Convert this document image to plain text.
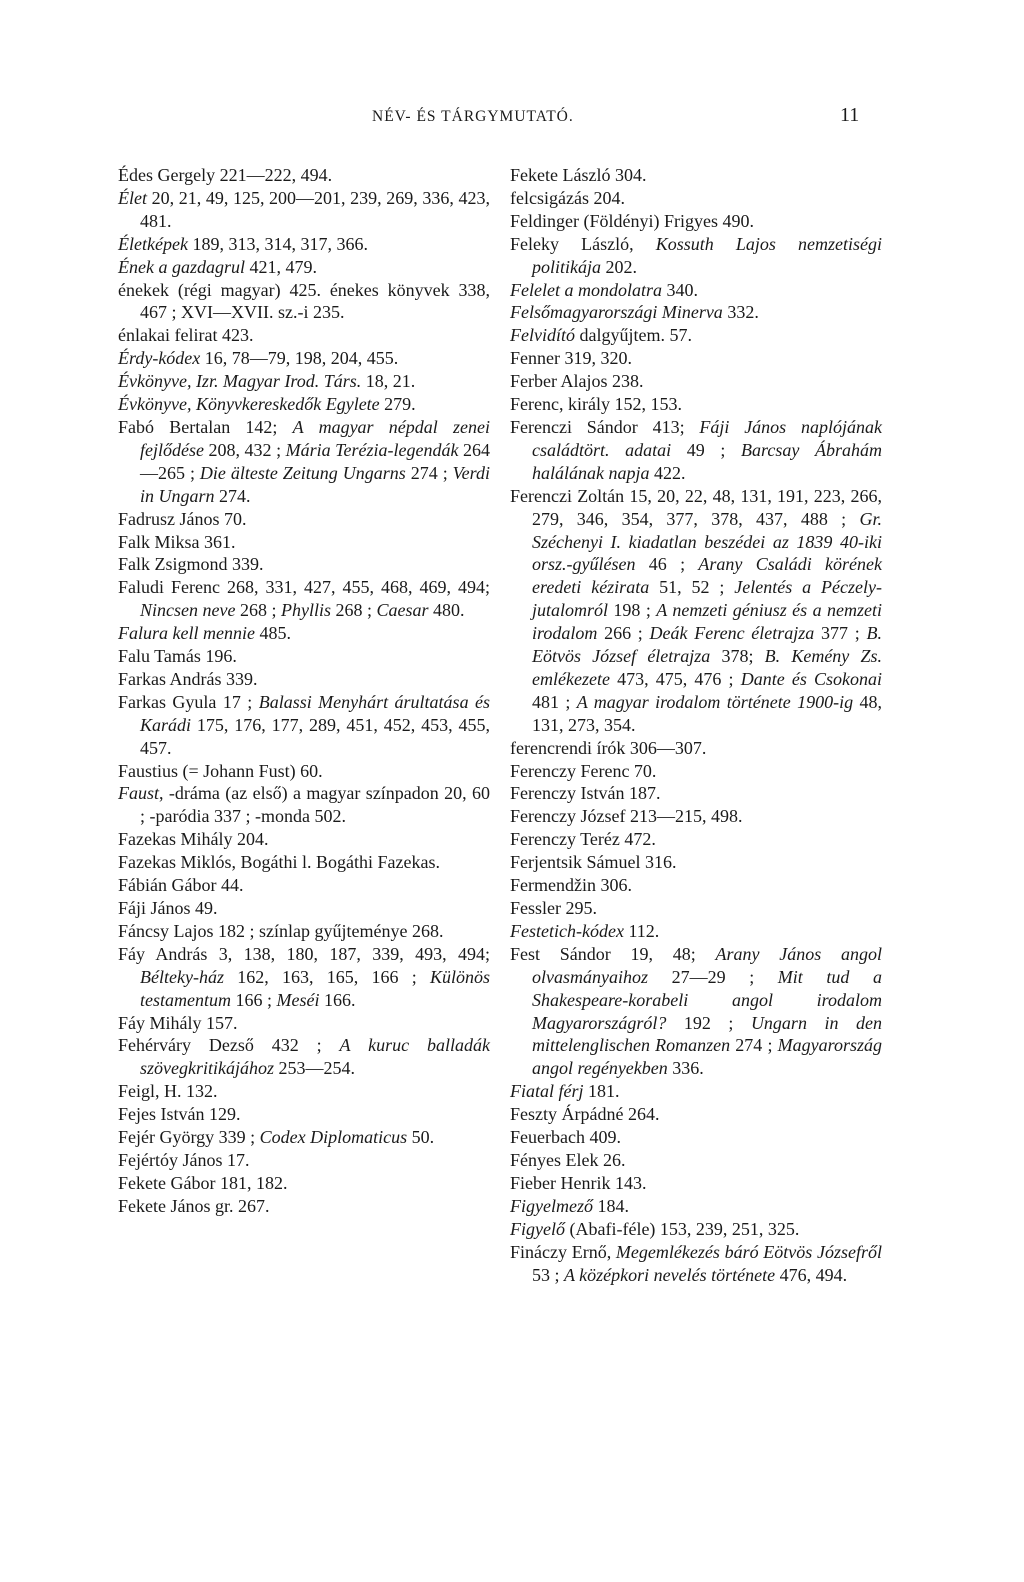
NÉV- ÉS TÁRGYMUTATÓ.	11

Édes Gergely 221—222, 494.

Élet 20, 21, 49, 125, 200—201, 239, 269, 336, 423, 481.

Életképek 189, 313, 314, 317, 366.

Ének a gazdagrul 421, 479.

énekek (régi magyar) 425. énekes könyvek 338, 467 ; XVI—XVII. sz.-i 235.

énlakai felirat 423.

Érdy-kódex 16, 78—79, 198, 204, 455.

Évkönyve, Izr. Magyar Irod. Társ. 18, 21.

Évkönyve, Könyvkereskedők Egylete 279.

Fabó Bertalan 142; A magyar népdal zenei fejlődése 208, 432 ; Mária Terézia-legendák 264—265 ; Die älteste Zeitung Ungarns 274 ; Verdi in Ungarn 274.

Fadrusz János 70.

Falk Miksa 361.

Falk Zsigmond 339.

Faludi Ferenc 268, 331, 427, 455, 468, 469, 494; Nincsen neve 268 ; Phyllis 268 ; Caesar 480.

Falura kell mennie 485.

Falu Tamás 196.

Farkas András 339.

Farkas Gyula 17 ; Balassi Menyhárt árultatása és Karádi 175, 176, 177, 289, 451, 452, 453, 455, 457.

Faustius (= Johann Fust) 60.

Faust, -dráma (az első) a magyar színpadon 20, 60 ; -paródia 337 ; -monda 502.

Fazekas Mihály 204.

Fazekas Miklós, Bogáthi l. Bogáthi Fazekas.

Fábián Gábor 44.

Fáji János 49.

Fáncsy Lajos 182 ; színlap gyűjteménye 268.

Fáy András 3, 138, 180, 187, 339, 493, 494; Bélteky-ház 162, 163, 165, 166 ; Különös testamentum 166 ; Meséi 166.

Fáy Mihály 157.

Fehérváry Dezső 432 ; A kuruc balladák szövegkritikájához 253—254.

Feigl, H. 132.

Fejes István 129.

Fejér György 339 ; Codex Diplomaticus 50.

Fejértóy János 17.

Fekete Gábor 181, 182.

Fekete János gr. 267.

Fekete László 304.

felcsigázás 204.

Feldinger (Földényi) Frigyes 490.

Feleky László, Kossuth Lajos nemzetiségi politikája 202.

Felelet a mondolatra 340.

Felsőmagyarországi Minerva 332.

Felvidító dalgyűjtem. 57.

Fenner 319, 320.

Ferber Alajos 238.

Ferenc, király 152, 153.

Ferenczi Sándor 413; Fáji János naplójának családtört. adatai 49 ; Barcsay Ábrahám halálának napja 422.

Ferenczi Zoltán 15, 20, 22, 48, 131, 191, 223, 266, 279, 346, 354, 377, 378, 437, 488 ; Gr. Széchenyi I. kiadatlan beszédei az 1839 40-iki orsz.-gyűlésen 46 ; Arany Családi körének eredeti kézirata 51, 52 ; Jelentés a Péczely-jutalomról 198 ; A nemzeti géniusz és a nemzeti irodalom 266 ; Deák Ferenc életrajza 377 ; B. Eötvös József életrajza 378; B. Kemény Zs. emlékezete 473, 475, 476 ; Dante és Csokonai 481 ; A magyar irodalom története 1900-ig 48, 131, 273, 354.

ferencrendi írók 306—307.

Ferenczy Ferenc 70.

Ferenczy István 187.

Ferenczy József 213—215, 498.

Ferenczy Teréz 472.

Ferjentsik Sámuel 316.

Fermendžin 306.

Fessler 295.

Festetich-kódex 112.

Fest Sándor 19, 48; Arany János angol olvasmányaihoz 27—29 ; Mit tud a Shakespeare-korabeli angol irodalom Magyarországról? 192 ; Ungarn in den mittelenglischen Romanzen 274 ; Magyarország angol regényekben 336.

Fiatal férj 181.

Feszty Árpádné 264.

Feuerbach 409.

Fényes Elek 26.

Fieber Henrik 143.

Figyelmező 184.

Figyelő (Abafi-féle) 153, 239, 251, 325.

Fináczy Ernő, Megemlékezés báró Eötvös Józsefről 53 ; A középkori nevelés története 476, 494.
